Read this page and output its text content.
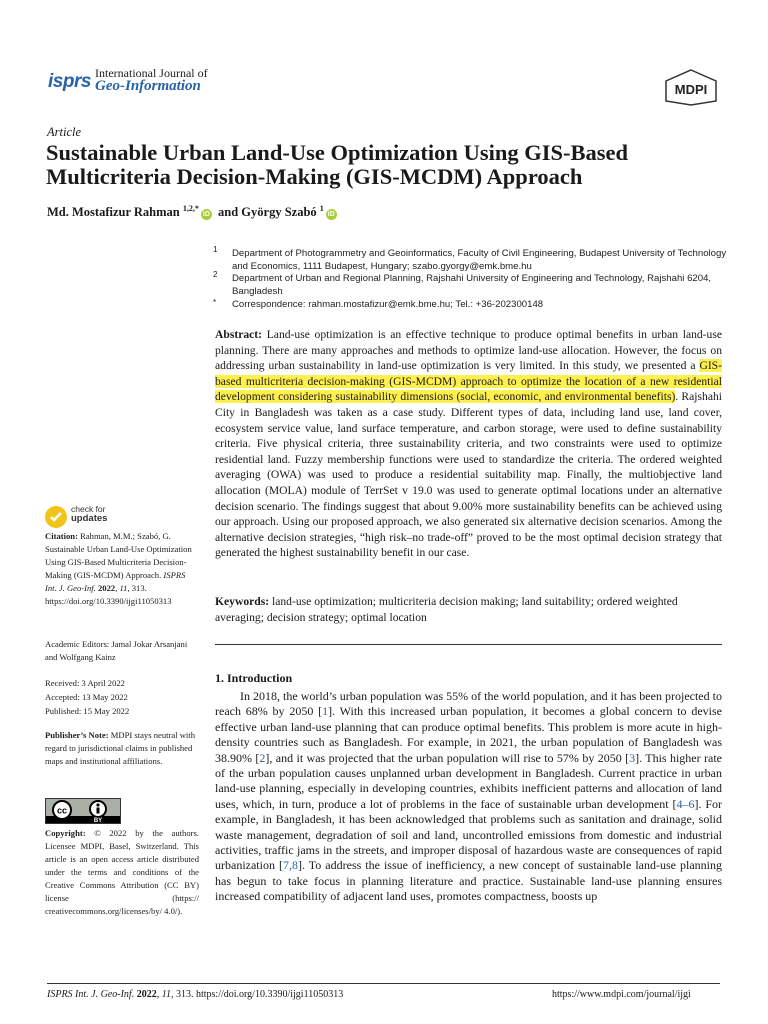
isprs International Journal of
Geo-Information	MDPI
Article
Sustainable Urban Land-Use Optimization Using GIS-Based Multicriteria Decision-Making (GIS-MCDM) Approach
Md. Mostafizur Rahman $^{1,2,*}$iD and György Szabó $^1$iD
1 Department of Photogrammetry and Geoinformatics, Faculty of Civil Engineering, Budapest University of Technology and Economics, 1111 Budapest, Hungary; szabo.gyorgy@emk.bme.hu
2 Department of Urban and Regional Planning, Rajshahi University of Engineering and Technology, Rajshahi 6204, Bangladesh
* Correspondence: rahman.mostafizur@emk.bme.hu; Tel.: +36-202300148
Abstract: Land-use optimization is an effective technique to produce optimal benefits in urban land-use planning. There are many approaches and methods to optimize land-use allocation. However, the focus on addressing urban sustainability in land-use optimization is very limited. In this study, we presented a GIS-based multicriteria decision-making (GIS-MCDM) approach to optimize the location of a new residential development considering sustainability dimensions (social, economic, and environmental benefits). Rajshahi City in Bangladesh was taken as a case study. Different types of data, including land use, land cover, ecosystem service value, land surface temperature, and carbon storage, were used to define sustainability criteria. Five physical criteria, three sustainability criteria, and two constraints were used to optimize residential land. Fuzzy membership functions were used to standardize the criteria. The ordered weighted averaging (OWA) was used to produce a residential suitability map. Finally, the multiobjective land allocation (MOLA) module of TerrSet v 19.0 was used to generate optimal locations under an alternative decision scenario. The findings suggest that about 9.00% more sustainability benefits can be achieved using our approach. Using our proposed approach, we also generated six alternative decision scenarios. Among the alternative decision strategies, “high risk–no trade-off” proved to be the most optimal decision strategy that generated the highest sustainability benefit in our case.
Keywords: land-use optimization; multicriteria decision making; land suitability; ordered weighted averaging; decision strategy; optimal location
check for
updates
Citation: Rahman, M.M.; Szabó, G. Sustainable Urban Land-Use Optimization Using GIS-Based Multicriteria Decision-Making (GIS-MCDM) Approach. ISPRS Int. J. Geo-Inf. 2022, 11, 313. https://doi.org/10.3390/ijgi11050313
Academic Editors: Jamal Jokar Arsanjani and Wolfgang Kainz
Received: 3 April 2022
Accepted: 13 May 2022
Published: 15 May 2022
Publisher’s Note: MDPI stays neutral with regard to jurisdictional claims in published maps and institutional affiliations.
cc
BY
Copyright: © 2022 by the authors. Licensee MDPI, Basel, Switzerland. This article is an open access article distributed under the terms and conditions of the Creative Commons Attribution (CC BY) license (https:// creativecommons.org/licenses/by/ 4.0/).
1. Introduction
In 2018, the world’s urban population was 55% of the world population, and it has been projected to reach 68% by 2050 [1]. With this increased urban population, it becomes a global concern to devise effective urban land-use planning that can produce optimal benefits. This problem is more acute in high-density countries such as Bangladesh. For example, in 2021, the urban population of Bangladesh was 38.90% [2], and it was projected that the urban population will rise to 57% by 2050 [3]. This higher rate of the urban population causes unplanned urban development in Bangladesh. Current practice in urban land-use planning, especially in developing countries, exhibits inefficient patterns and allocation of land uses, which, in turn, produce a lot of problems in the face of sustainable urban development [4–6]. For example, in Bangladesh, it has been acknowledged that problems such as sanitation and drainage, solid waste management, degradation of soil and land, uncontrolled emissions from domestic and industrial activities, traffic jams in the streets, and improper disposal of hazardous waste are consequences of rapid urbanization [7,8]. To address the issue of inefficiency, a new concept of sustainable land-use planning has begun to take focus in planning literature and practice. Sustainable land-use planning ensures increased compatibility of adjacent land uses, promotes compactness, boosts up
ISPRS Int. J. Geo-Inf. 2022, 11, 313. https://doi.org/10.3390/ijgi11050313	https://www.mdpi.com/journal/ijgi
